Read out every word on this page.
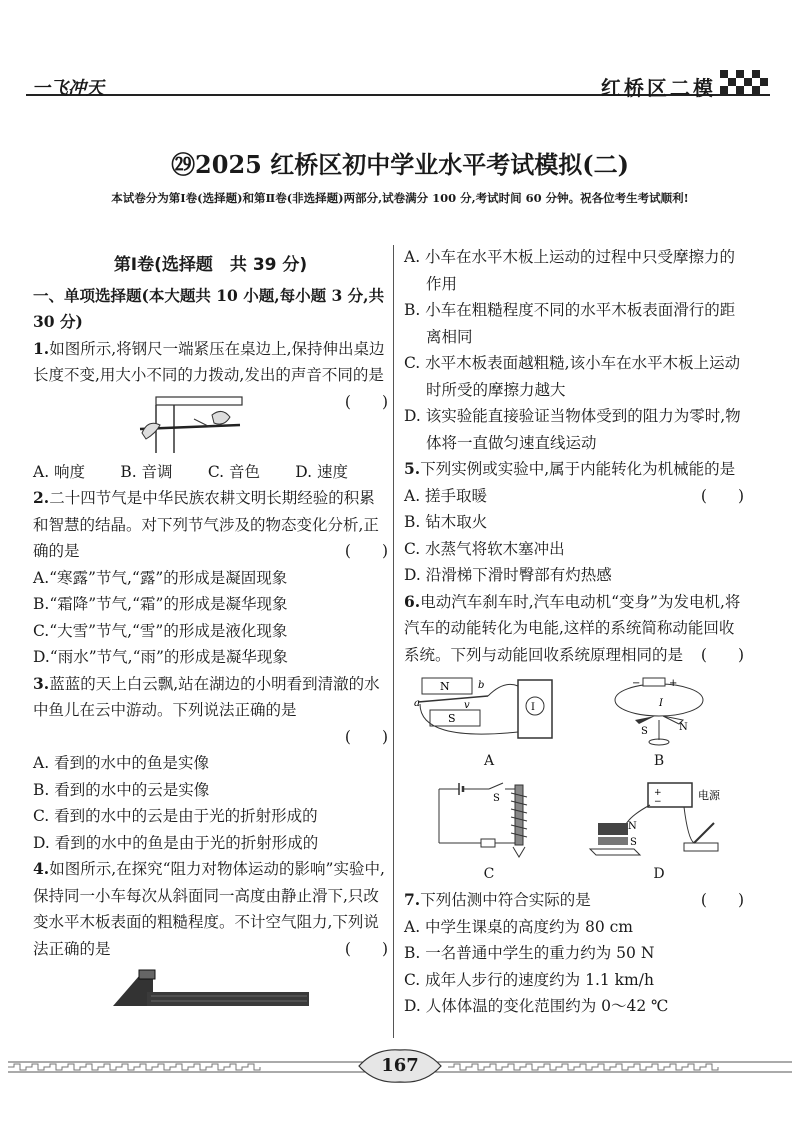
一飞冲天	红桥区二模
㉙2025 红桥区初中学业水平考试模拟(二)
本试卷分为第Ⅰ卷(选择题)和第Ⅱ卷(非选择题)两部分,试卷满分 100 分,考试时间 60 分钟。祝各位考生考试顺利!
第Ⅰ卷(选择题　共 39 分)
一、单项选择题(本大题共 10 小题,每小题 3 分,共 30 分)
1.如图所示,将钢尺一端紧压在桌边上,保持伸出桌边长度不变,用大小不同的力拨动,发出的声音不同的是
(　　)
A. 响度 B. 音调 C. 音色 D. 速度
2.二十四节气是中华民族农耕文明长期经验的积累和智慧的结晶。对下列节气涉及的物态变化分析,正确的是	(　　)
A.“寒露”节气,“露”的形成是凝固现象
B.“霜降”节气,“霜”的形成是凝华现象
C.“大雪”节气,“雪”的形成是液化现象
D.“雨水”节气,“雨”的形成是凝华现象
3.蓝蓝的天上白云飘,站在湖边的小明看到清澈的水中鱼儿在云中游动。下列说法正确的是
(　　)
A. 看到的水中的鱼是实像
B. 看到的水中的云是实像
C. 看到的水中的云是由于光的折射形成的
D. 看到的水中的鱼是由于光的折射形成的
4.如图所示,在探究“阻力对物体运动的影响”实验中,保持同一小车每次从斜面同一高度由静止滑下,只改变水平木板表面的粗糙程度。不计空气阻力,下列说法正确的是	(　　)
A. 小车在水平木板上运动的过程中只受摩擦力的作用
B. 小车在粗糙程度不同的水平木板表面滑行的距离相同
C. 水平木板表面越粗糙,该小车在水平木板上运动时所受的摩擦力越大
D. 该实验能直接验证当物体受到的阻力为零时,物体将一直做匀速直线运动
5.下列实例或实验中,属于内能转化为机械能的是
(　　)
A. 搓手取暖
B. 钻木取火
C. 水蒸气将软木塞冲出
D. 沿滑梯下滑时臀部有灼热感
6.电动汽车刹车时,汽车电动机“变身”为发电机,将汽车的动能转化为电能,这样的系统简称动能回收系统。下列与动能回收系统原理相同的是 (　　)
N
S
a
b
v	I
A
−	+
I
S	N
B
S
C
+
−	电源
N
S
D
7.下列估测中符合实际的是	(　　)
A. 中学生课桌的高度约为 80 cm
B. 一名普通中学生的重力约为 50 N
C. 成年人步行的速度约为 1.1 km/h
D. 人体体温的变化范围约为 0～42 ℃
167
